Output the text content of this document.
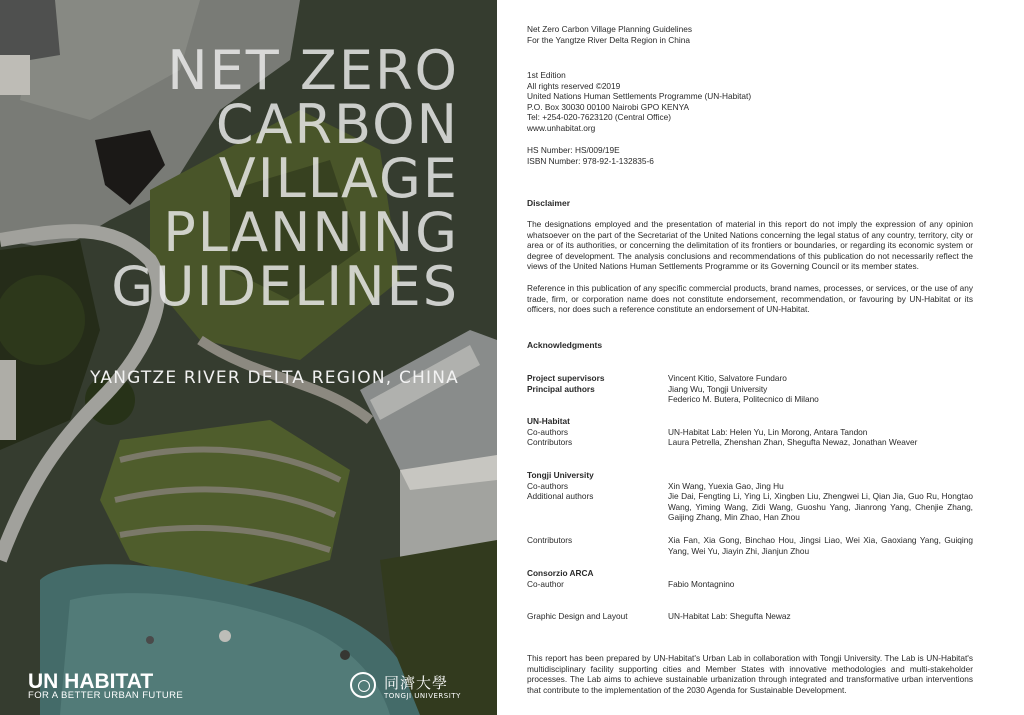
NET ZERO
CARBON
VILLAGE
PLANNING
GUIDELINES
YANGTZE RIVER DELTA REGION, CHINA
UN HABITAT
FOR A BETTER URBAN FUTURE
同濟大學
TONGJI UNIVERSITY
Net Zero Carbon Village Planning Guidelines
For the Yangtze River Delta Region in China
1st Edition
All rights reserved ©2019
United Nations Human Settlements Programme (UN-Habitat)
P.O. Box 30030 00100 Nairobi GPO KENYA
Tel: +254-020-7623120 (Central Office)
www.unhabitat.org
HS Number: HS/009/19E
ISBN Number: 978-92-1-132835-6
Disclaimer
The designations employed and the presentation of material in this report do not imply the expression of any opinion whatsoever on the part of the Secretariat of the United Nations concerning the legal status of any country, territory, city or area or of its authorities, or concerning the delimitation of its frontiers or boundaries, or regarding its economic system or degree of development. The analysis conclusions and recommendations of this publication do not necessarily reflect the views of the United Nations Human Settlements Programme or its Governing Council or its member states.
Reference in this publication of any specific commercial products, brand names, processes, or services, or the use of any trade, firm, or corporation name does not constitute endorsement, recommendation, or favouring by UN-Habitat or its officers, nor does such a reference constitute an endorsement of UN-Habitat.
Acknowledgments
Project supervisors	Vincent Kitio, Salvatore Fundaro
Principal authors	Jiang Wu, Tongji University
Federico M. Butera, Politecnico di Milano
UN-Habitat
Co-authors	UN-Habitat Lab: Helen Yu, Lin Morong, Antara Tandon
Contributors	Laura Petrella, Zhenshan Zhan, Shegufta Newaz, Jonathan Weaver
Tongji University
Co-authors	Xin Wang, Yuexia Gao, Jing Hu
Additional authors	Jie Dai, Fengting Li, Ying Li, Xingben Liu, Zhengwei Li, Qian Jia, Guo Ru, Hongtao Wang, Yiming Wang, Zidi Wang, Guoshu Yang, Jianrong Yang, Chenjie Zhang, Gaijing Zhang, Min Zhao, Han Zhou
Contributors	Xia Fan, Xia Gong, Binchao Hou, Jingsi Liao, Wei Xia, Gaoxiang Yang, Guiqing Yang, Wei Yu, Jiayin Zhi, Jianjun Zhou
Consorzio ARCA
Co-author	Fabio Montagnino
Graphic Design and Layout	UN-Habitat Lab: Shegufta Newaz
This report has been prepared by UN-Habitat's Urban Lab in collaboration with Tongji University. The Lab is UN-Habitat's multidisciplinary facility supporting cities and Member States with innovative methodologies and multi-stakeholder processes. The Lab aims to achieve sustainable urbanization through integrated and transformative urban interventions that contribute to the implementation of the 2030 Agenda for Sustainable Development.
